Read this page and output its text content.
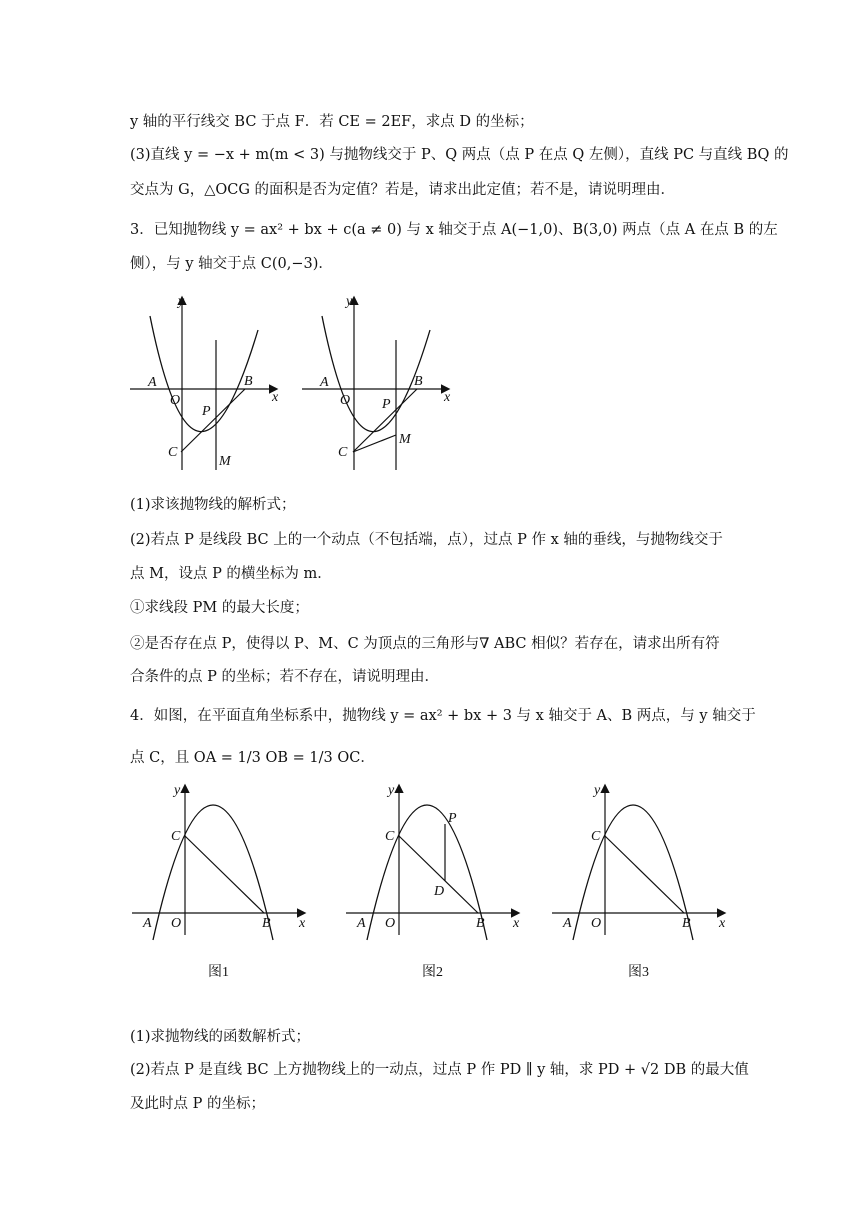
y 轴的平行线交 BC 于点 F．若 CE = 2EF，求点 D 的坐标；
(3)直线 y = −x + m(m < 3) 与抛物线交于 P、Q 两点（点 P 在点 Q 左侧），直线 PC 与直线 BQ 的
交点为 G，△OCG 的面积是否为定值？若是，请求出此定值；若不是，请说明理由．
3．已知抛物线 y = ax² + bx + c(a ≠ 0) 与 x 轴交于点 A(−1,0)、B(3,0) 两点（点 A 在点 B 的左
侧），与 y 轴交于点 C(0,−3)．
y
x
A
O
B
P
C
M
y
x
A
O
B
P
C
M
(1)求该抛物线的解析式；
(2)若点 P 是线段 BC 上的一个动点（不包括端，点），过点 P 作 x 轴的垂线，与抛物线交于
点 M，设点 P 的横坐标为 m．
①求线段 PM 的最大长度；
②是否存在点 P，使得以 P、M、C 为顶点的三角形与∇ ABC 相似？若存在，请求出所有符
合条件的点 P 的坐标；若不存在，请说明理由．
4．如图，在平面直角坐标系中，抛物线 y = ax² + bx + 3 与 x 轴交于 A、B 两点，与 y 轴交于
点 C，且 OA = 1/3 OB = 1/3 OC．
y
x
A O	B
C
图1
y
x
A O	B
C
P
D
图2
y
x
A O	B
C
图3
(1)求抛物线的函数解析式；
(2)若点 P 是直线 BC 上方抛物线上的一动点，过点 P 作 PD ∥ y 轴，求 PD + √2 DB 的最大值
及此时点 P 的坐标；
